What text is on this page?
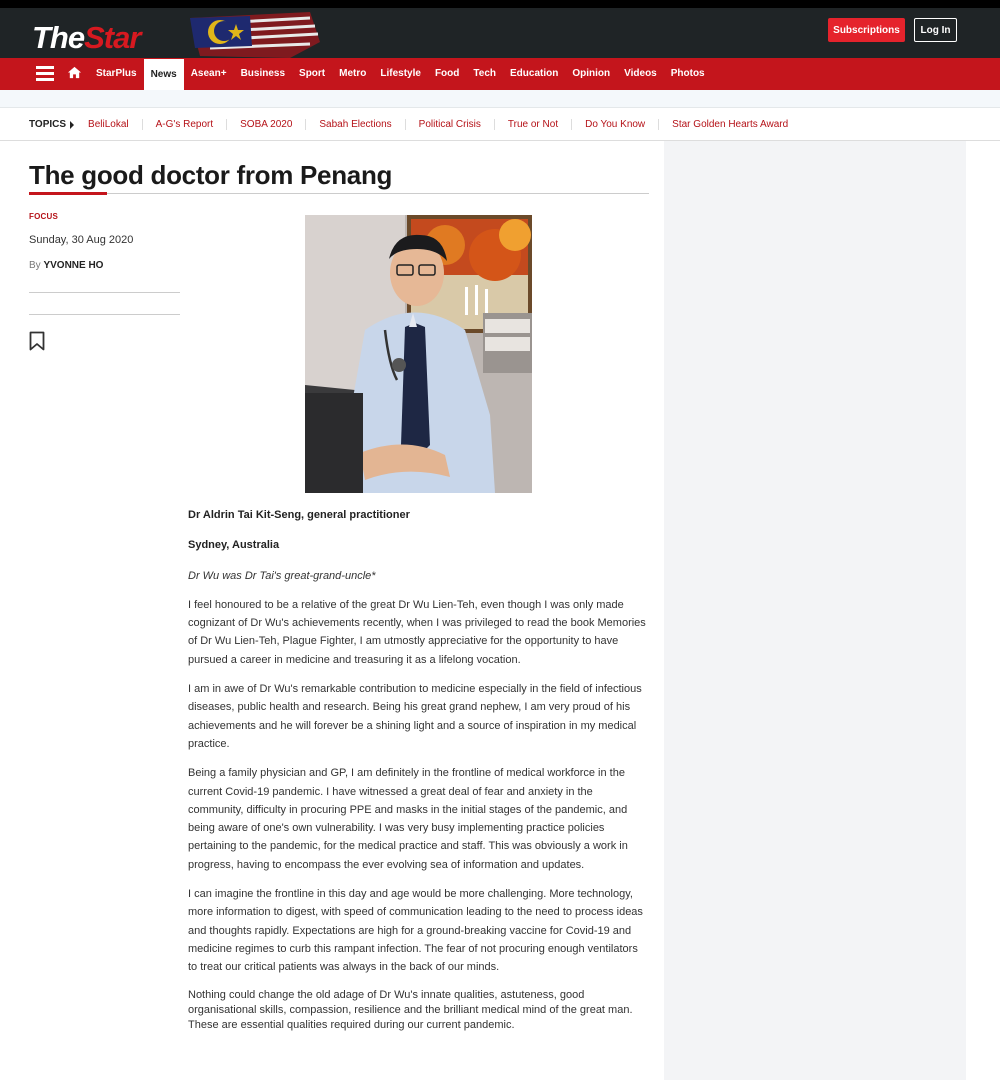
TheStar	Subscriptions	Log In
StarPlus	News	Asean+	Business	Sport	Metro	Lifestyle	Food	Tech	Education	Opinion	Videos	Photos
TOPICS BeliLokal	A-G's Report	SOBA 2020	Sabah Elections	Political Crisis	True or Not	Do You Know	Star Golden Hearts Award
The good doctor from Penang
FOCUS
Sunday, 30 Aug 2020
By YVONNE HO

Dr Aldrin Tai Kit-Seng, general practitioner

Sydney, Australia

Dr Wu was Dr Tai's great-grand-uncle*

I feel honoured to be a relative of the great Dr Wu Lien-Teh, even though I was only made cognizant of Dr Wu's achievements recently, when I was privileged to read the book Memories of Dr Wu Lien-Teh, Plague Fighter, I am utmostly appreciative for the opportunity to have pursued a career in medicine and treasuring it as a lifelong vocation.

I am in awe of Dr Wu's remarkable contribution to medicine especially in the field of infectious diseases, public health and research. Being his great grand nephew, I am very proud of his achievements and he will forever be a shining light and a source of inspiration in my medical practice.

Being a family physician and GP, I am definitely in the frontline of medical workforce in the current Covid-19 pandemic. I have witnessed a great deal of fear and anxiety in the community, difficulty in procuring PPE and masks in the initial stages of the pandemic, and being aware of one's own vulnerability. I was very busy implementing practice policies pertaining to the pandemic, for the medical practice and staff. This was obviously a work in progress, having to encompass the ever evolving sea of information and updates.

I can imagine the frontline in this day and age would be more challenging. More technology, more information to digest, with speed of communication leading to the need to process ideas and thoughts rapidly. Expectations are high for a ground-breaking vaccine for Covid-19 and medicine regimes to curb this rampant infection. The fear of not procuring enough ventilators to treat our critical patients was always in the back of our minds.

Nothing could change the old adage of Dr Wu's innate qualities, astuteness, good organisational skills, compassion, resilience and the brilliant medical mind of the great man. These are essential qualities required during our current pandemic.
